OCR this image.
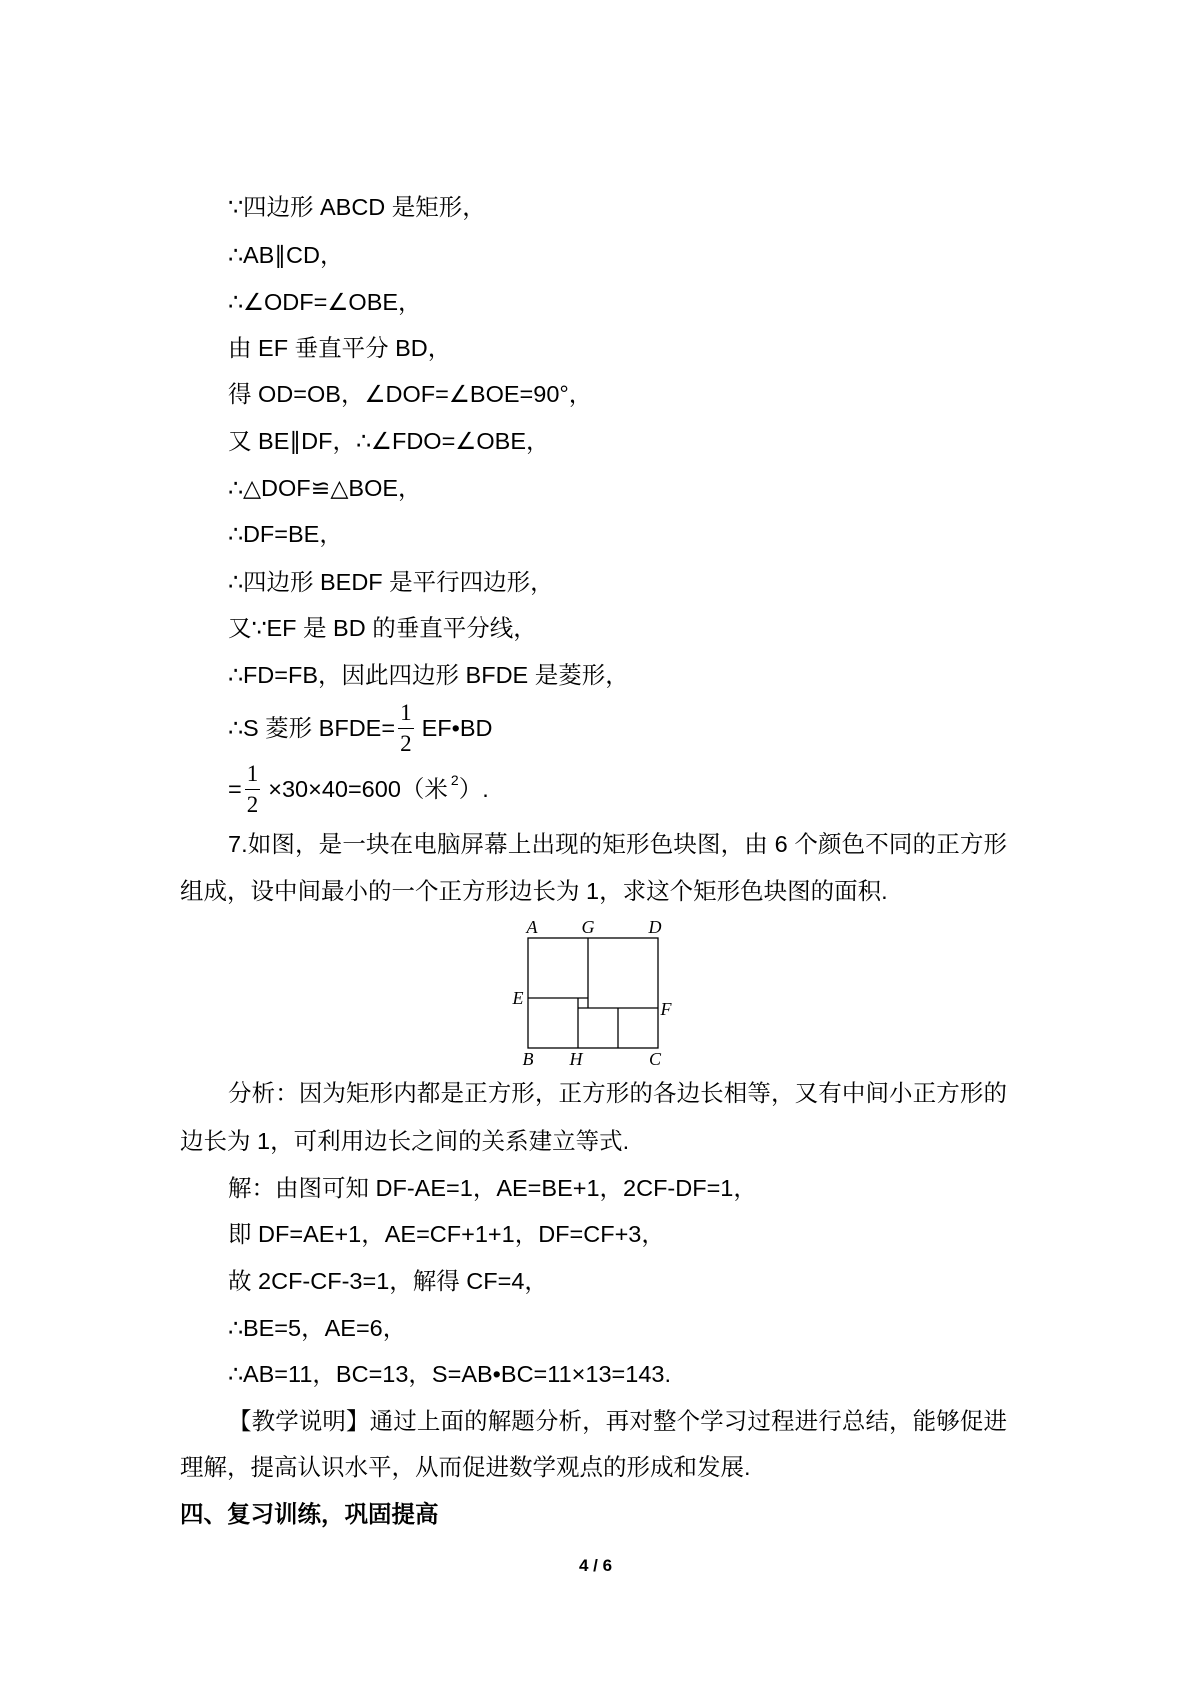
∵四边形 ABCD 是矩形，
∴AB∥CD，
∴∠ODF=∠OBE，
由 EF 垂直平分 BD，
得 OD=OB，∠DOF=∠BOE=90°，
又 BE∥DF，∴∠FDO=∠OBE，
∴△DOF≌△BOE，
∴DF=BE，
∴四边形 BEDF 是平行四边形，
又∵EF 是 BD 的垂直平分线，
∴FD=FB，因此四边形 BFDE 是菱形，
∴S 菱形 BFDE= $\frac{1}{2}$ EF•BD
= $\frac{1}{2} \times 30\times 40=600$（米 2 ）.
7.如图，是一块在电脑屏幕上出现的矩形色块图，由 6 个颜色不同的正方形
组成，设中间最小的一个正方形边长为 1，求这个矩形色块图的面积.
A G	D
E
F
B H	C
分析：因为矩形内都是正方形，正方形的各边长相等，又有中间小正方形的
边长为 1，可利用边长之间的关系建立等式.
解：由图可知 DF-AE=1，AE=BE+1，2CF-DF=1，
即 DF=AE+1，AE=CF+1+1，DF=CF+3，
故 2CF-CF-3=1，解得 CF=4，
∴BE=5，AE=6，
∴AB=11，BC=13，S=AB•BC=11×13=143.
【教学说明】通过上面的解题分析，再对整个学习过程进行总结，能够促进
理解，提高认识水平，从而促进数学观点的形成和发展.
四、复习训练，巩固提高
4 / 6
